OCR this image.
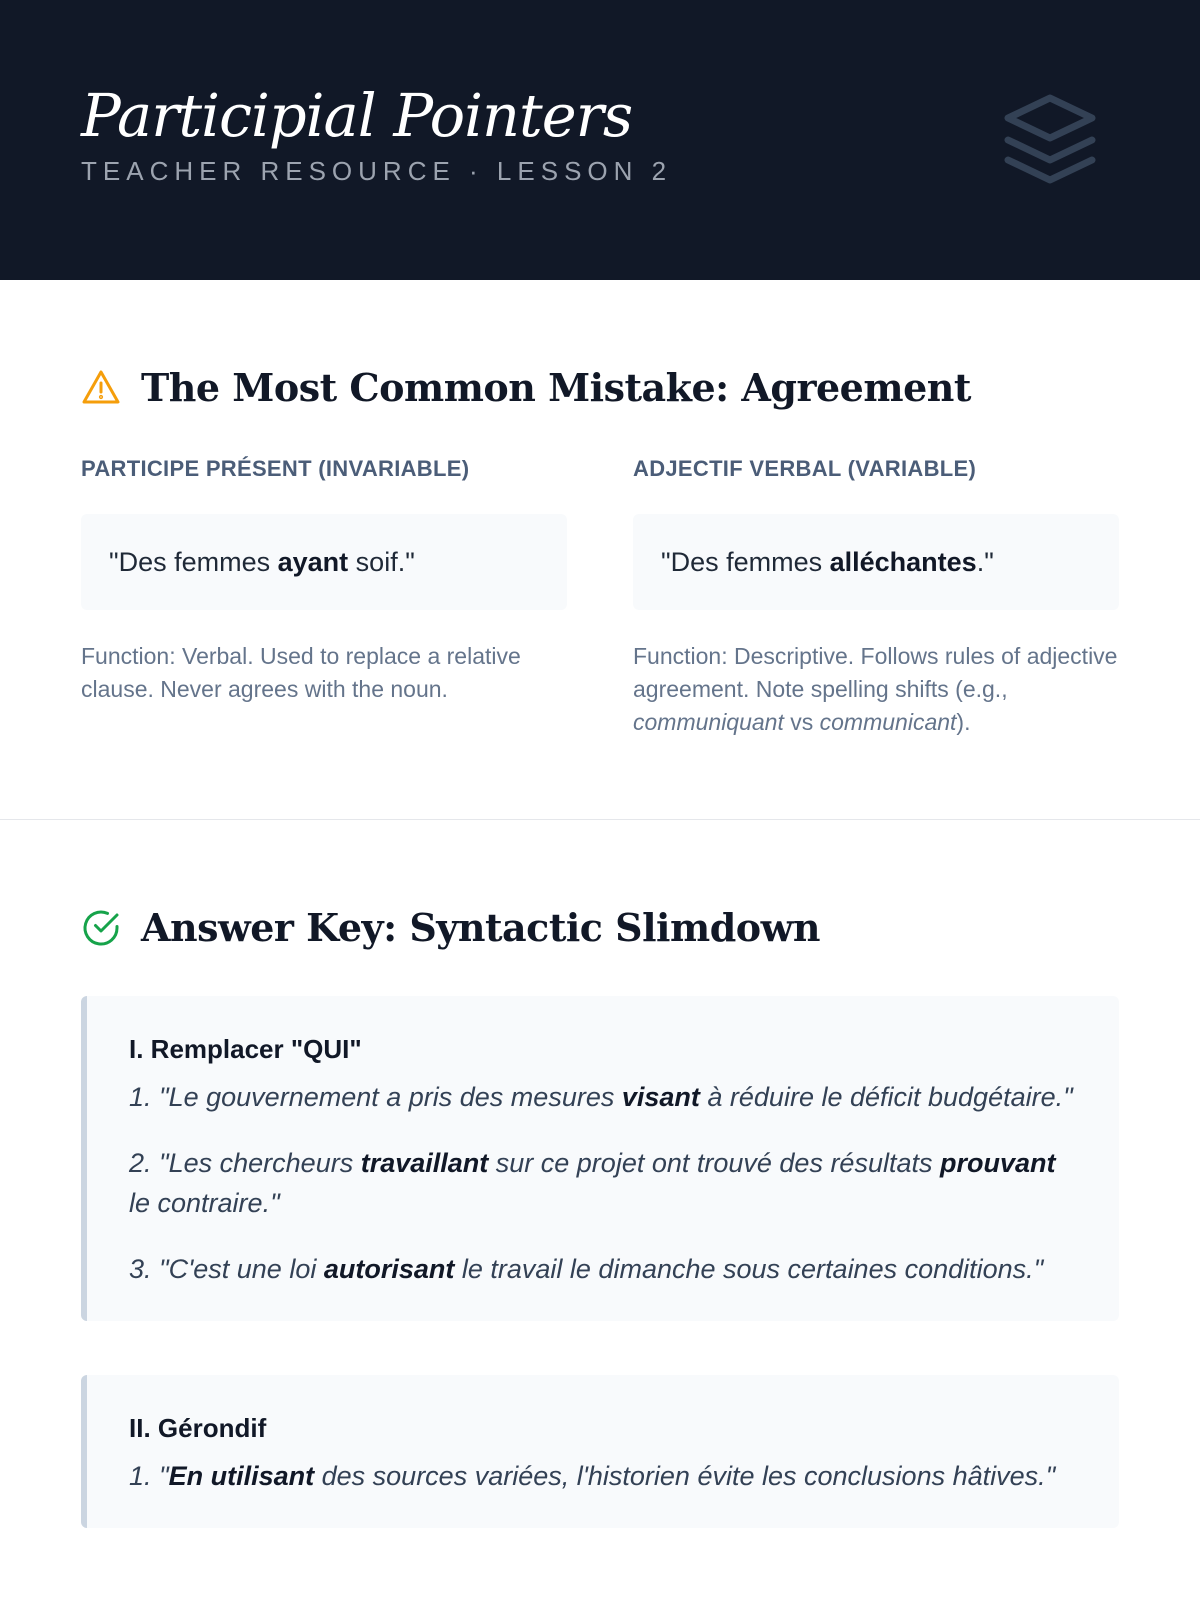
Participial Pointers
TEACHER RESOURCE · LESSON 2
The Most Common Mistake: Agreement
PARTICIPE PRÉSENT (INVARIABLE)
"Des femmes ayant soif."
Function: Verbal. Used to replace a relative clause. Never agrees with the noun.
ADJECTIF VERBAL (VARIABLE)
"Des femmes alléchantes."
Function: Descriptive. Follows rules of adjective agreement. Note spelling shifts (e.g., communiquant vs communicant).
Answer Key: Syntactic Slimdown
I. Remplacer "QUI"

1. "Le gouvernement a pris des mesures visant à réduire le déficit budgétaire."

2. "Les chercheurs travaillant sur ce projet ont trouvé des résultats prouvant le contraire."

3. "C'est une loi autorisant le travail le dimanche sous certaines conditions."

II. Gérondif

1. "En utilisant des sources variées, l'historien évite les conclusions hâtives."
